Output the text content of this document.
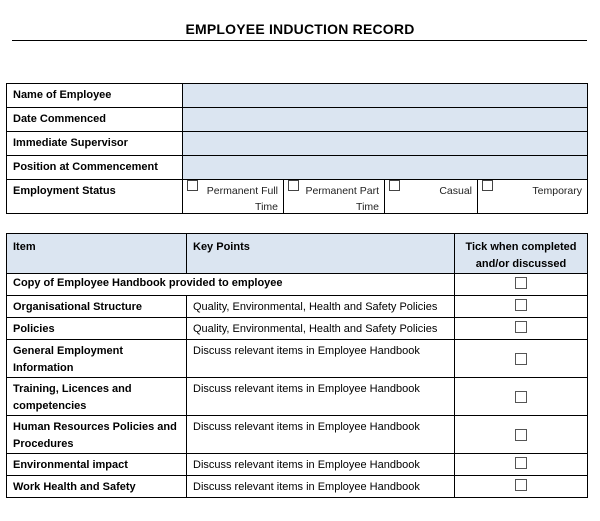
EMPLOYEE INDUCTION RECORD
Name of Employee				
Date Commenced				
Immediate Supervisor				
Position at Commencement				
Employment Status	Permanent Full Time	Permanent Part Time	Casual	Temporary
Item	Key Points	Tick when completed and/or discussed
Copy of Employee Handbook provided to employee		
Organisational Structure	Quality, Environmental, Health and Safety Policies	
Policies	Quality, Environmental, Health and Safety Policies	
General Employment Information	Discuss relevant items in Employee Handbook	
Training, Licences and competencies	Discuss relevant items in Employee Handbook	
Human Resources Policies and Procedures	Discuss relevant items in Employee Handbook	
Environmental impact	Discuss relevant items in Employee Handbook	
Work Health and Safety	Discuss relevant items in Employee Handbook	
